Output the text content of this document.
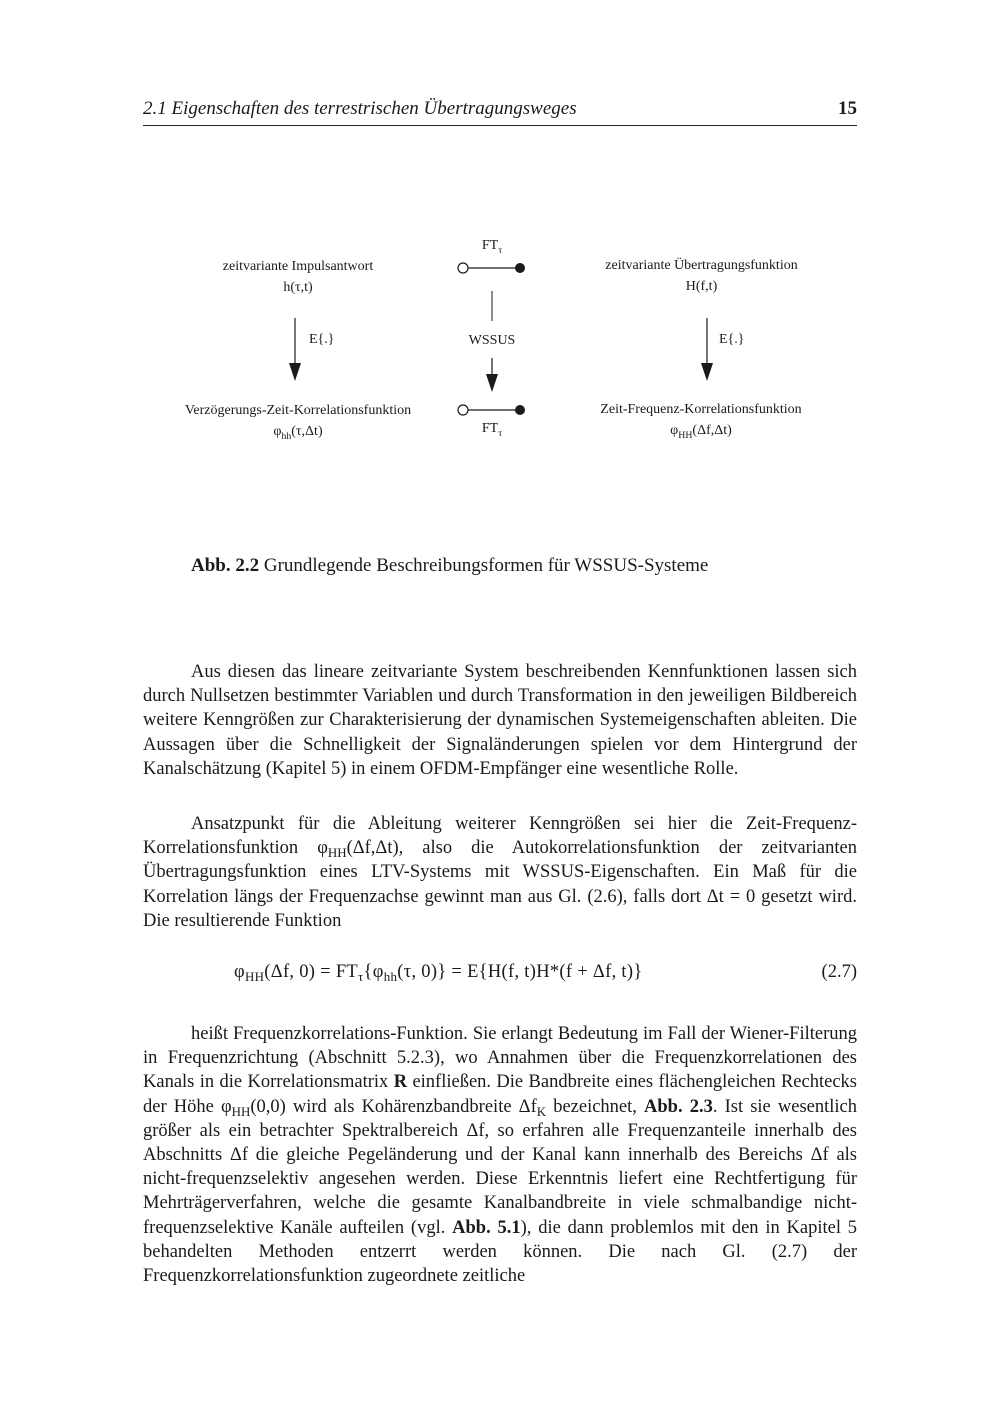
2.1 Eigenschaften des terrestrischen Übertragungsweges	15
zeitvariante Impulsantwort
h(τ,t)
zeitvariante Übertragungsfunktion
H(f,t)
$FT_\tau$
E{.}	E{.}
WSSUS
Verzögerungs-Zeit-Korrelationsfunktion
$\varphi_{hh}(\tau,\Delta t)$
Zeit-Frequenz-Korrelationsfunktion
$\varphi_{HH}(\Delta f,\Delta t)$
$FT_\tau$
Abb. 2.2 Grundlegende Beschreibungsformen für WSSUS-Systeme

Aus diesen das lineare zeitvariante System beschreibenden Kennfunktionen lassen sich durch Nullsetzen bestimmter Variablen und durch Transformation in den jeweiligen Bildbereich weitere Kenngrößen zur Charakterisierung der dynamischen Systemeigenschaften ableiten. Die Aussagen über die Schnelligkeit der Signaländerungen spielen vor dem Hintergrund der Kanalschätzung (Kapitel 5) in einem OFDM-Empfänger eine wesentliche Rolle.

Ansatzpunkt für die Ableitung weiterer Kenngrößen sei hier die Zeit-Frequenz-Korrelationsfunktion $\varphi_{HH}(\Delta f,\Delta t)$, also die Autokorrelationsfunktion der zeitvarianten Übertragungsfunktion eines LTV-Systems mit WSSUS-Eigenschaften. Ein Maß für die Korrelation längs der Frequenzachse gewinnt man aus Gl. (2.6), falls dort Δt = 0 gesetzt wird. Die resultierende Funktion

$\varphi_{HH}(\Delta f$, $0) = FT_\tau\{\varphi_{hh}(\tau$, 0)} = E{H(f, t)H*(f + Δf, t)}	(2.7)

heißt Frequenzkorrelations-Funktion. Sie erlangt Bedeutung im Fall der Wiener-Filterung in Frequenzrichtung (Abschnitt 5.2.3), wo Annahmen über die Frequenzkorrelationen des Kanals in die Korrelationsmatrix R einfließen. Die Bandbreite eines flächengleichen Rechtecks der Höhe $\varphi_{HH}(0,0)$ wird als Kohärenzbandbreite $\Delta f_K$ bezeichnet, Abb. 2.3. Ist sie wesentlich größer als ein betrachter Spektralbereich Δf, so erfahren alle Frequenzanteile innerhalb des Abschnitts Δf die gleiche Pegeländerung und der Kanal kann innerhalb des Bereichs Δf als nicht-frequenzselektiv angesehen werden. Diese Erkenntnis liefert eine Rechtfertigung für Mehrträgerverfahren, welche die gesamte Kanalbandbreite in viele schmalbandige nicht-frequenzselektive Kanäle aufteilen (vgl. Abb. 5.1), die dann problemlos mit den in Kapitel 5 behandelten Methoden entzerrt werden können. Die nach Gl. (2.7) der Frequenzkorrelationsfunktion zugeordnete zeitliche
